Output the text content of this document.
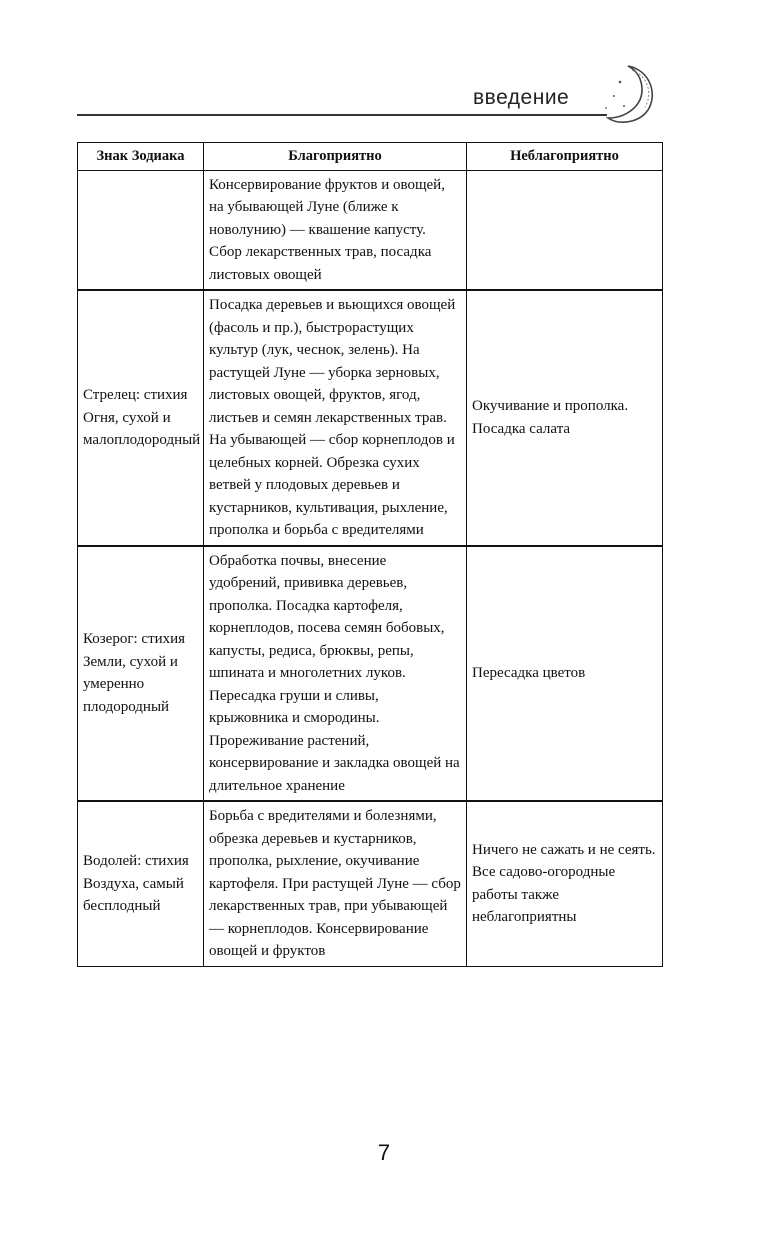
введение
Знак Зодиака	Благоприятно	Неблагоприятно
	Консервирование фруктов и овощей, на убывающей Луне (ближе к новолунию) — квашение капусту. Сбор лекарственных трав, посадка листовых овощей	
Стрелец: стихия Огня, сухой и малоплодородный	Посадка деревьев и вьющихся овощей (фасоль и пр.), быстрорастущих культур (лук, чеснок, зелень). На растущей Луне — уборка зерновых, листовых овощей, фруктов, ягод, листьев и семян лекарственных трав. На убывающей — сбор корнеплодов и целебных корней. Обрезка сухих ветвей у плодовых деревьев и кустарников, культивация, рыхление, прополка и борьба с вредителями	Окучивание и прополка. Посадка салата
Козерог: стихия Земли, сухой и умеренно плодородный	Обработка почвы, внесение удобрений, прививка деревьев, прополка. Посадка картофеля, корнеплодов, посева семян бобовых, капусты, редиса, брюквы, репы, шпината и многолетних луков. Пересадка груши и сливы, крыжовника и смородины. Прореживание растений, консервирование и закладка овощей на длительное хранение	Пересадка цветов
Водолей: стихия Воздуха, самый бесплодный	Борьба с вредителями и болезнями, обрезка деревьев и кустарников, прополка, рыхление, окучивание картофеля. При растущей Луне — сбор лекарственных трав, при убывающей — корнеплодов. Консервирование овощей и фруктов	Ничего не сажать и не сеять. Все садово-огородные работы также неблагоприятны
7
